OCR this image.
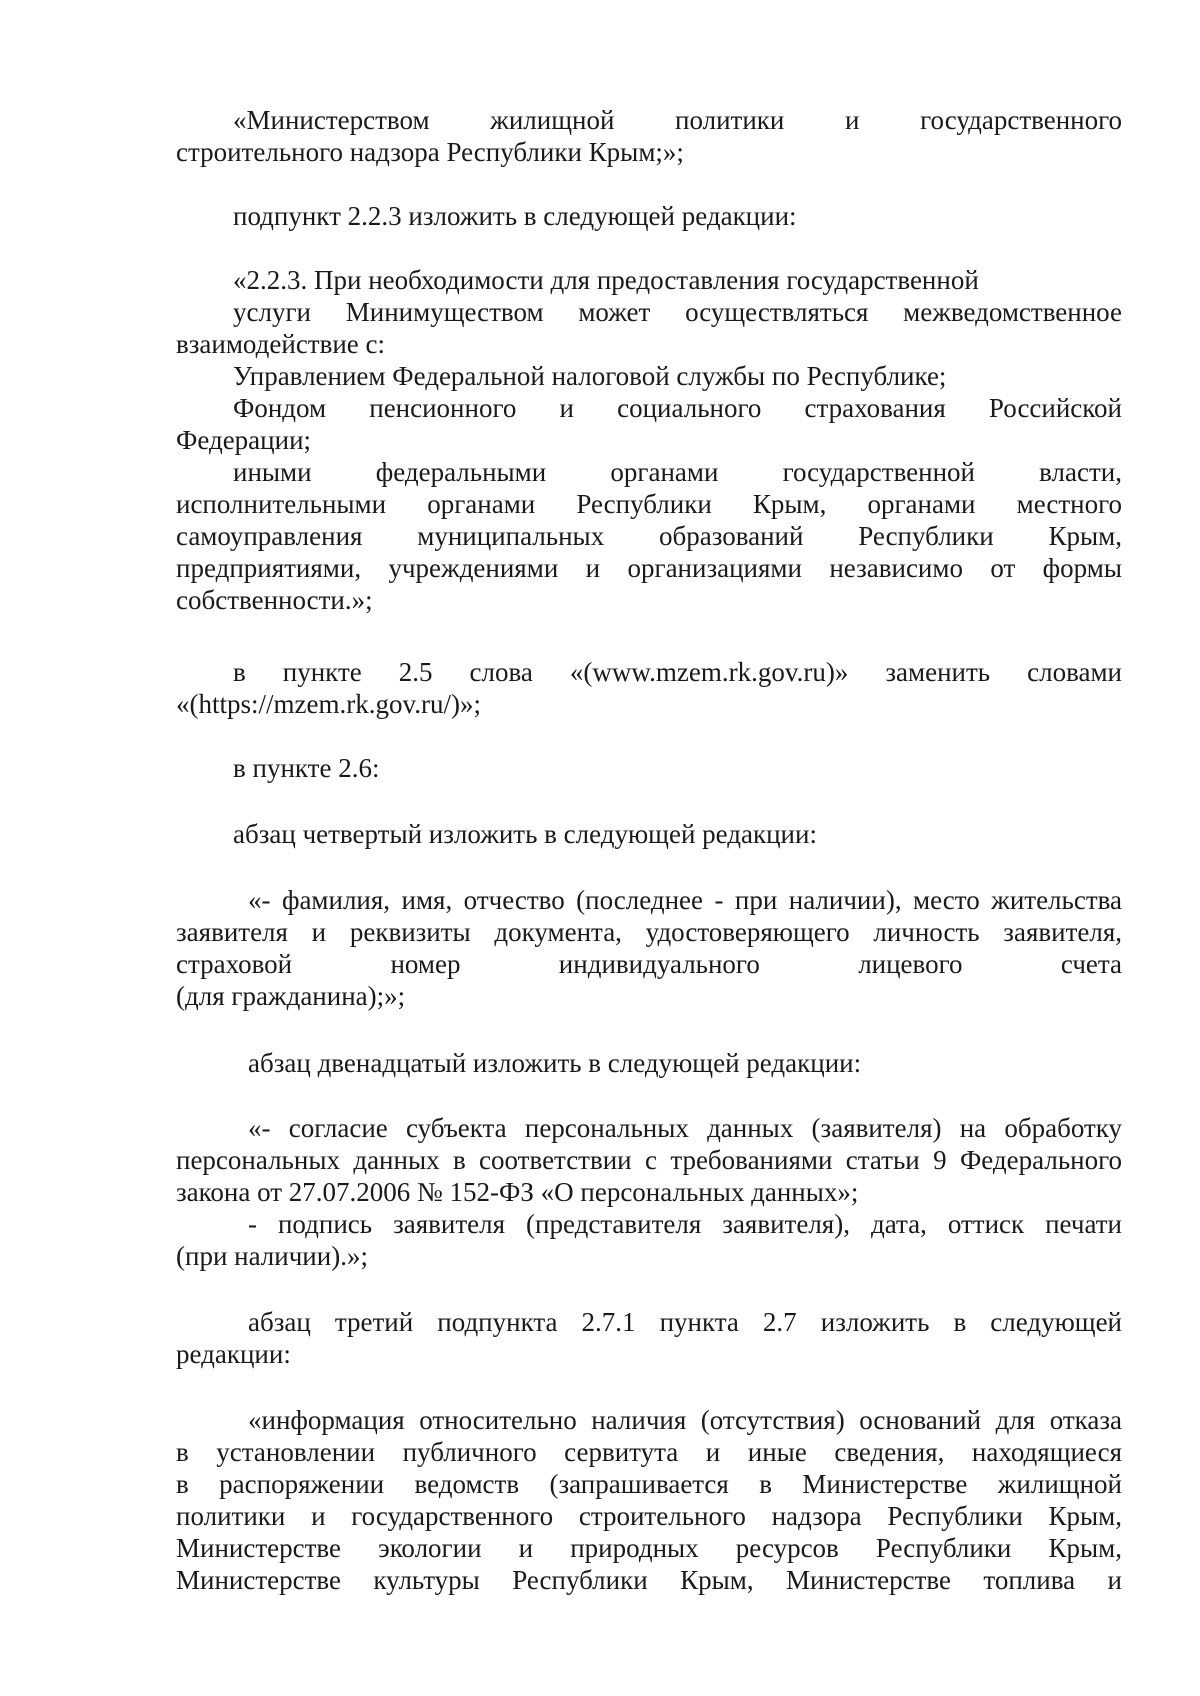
«Министерством жилищной политики и государственного
строительного надзора Республики Крым;»;
подпункт 2.2.3 изложить в следующей редакции:
«2.2.3. При необходимости для предоставления государственной
услуги Минимуществом может осуществляться межведомственное
взаимодействие с:
Управлением Федеральной налоговой службы по Республике;
Фондом пенсионного и социального страхования Российской
Федерации;
иными федеральными органами государственной власти,
исполнительными органами Республики Крым, органами местного
самоуправления муниципальных образований Республики Крым,
предприятиями, учреждениями и организациями независимо от формы
собственности.»;
в пункте 2.5 слова «(www.mzem.rk.gov.ru)» заменить словами
«(https://mzem.rk.gov.ru/)»;
в пункте 2.6:
абзац четвертый изложить в следующей редакции:
«- фамилия, имя, отчество (последнее - при наличии), место жительства
заявителя и реквизиты документа, удостоверяющего личность заявителя,
страховой номер индивидуального лицевого счета
(для гражданина);»;
абзац двенадцатый изложить в следующей редакции:
«- согласие субъекта персональных данных (заявителя) на обработку
персональных данных в соответствии с требованиями статьи 9 Федерального
закона от 27.07.2006 № 152-ФЗ «О персональных данных»;
- подпись заявителя (представителя заявителя), дата, оттиск печати
(при наличии).»;
абзац третий подпункта 2.7.1 пункта 2.7 изложить в следующей
редакции:
«информация относительно наличия (отсутствия) оснований для отказа
в установлении публичного сервитута и иные сведения, находящиеся
в распоряжении ведомств (запрашивается в Министерстве жилищной
политики и государственного строительного надзора Республики Крым,
Министерстве экологии и природных ресурсов Республики Крым,
Министерстве культуры Республики Крым, Министерстве топлива и
